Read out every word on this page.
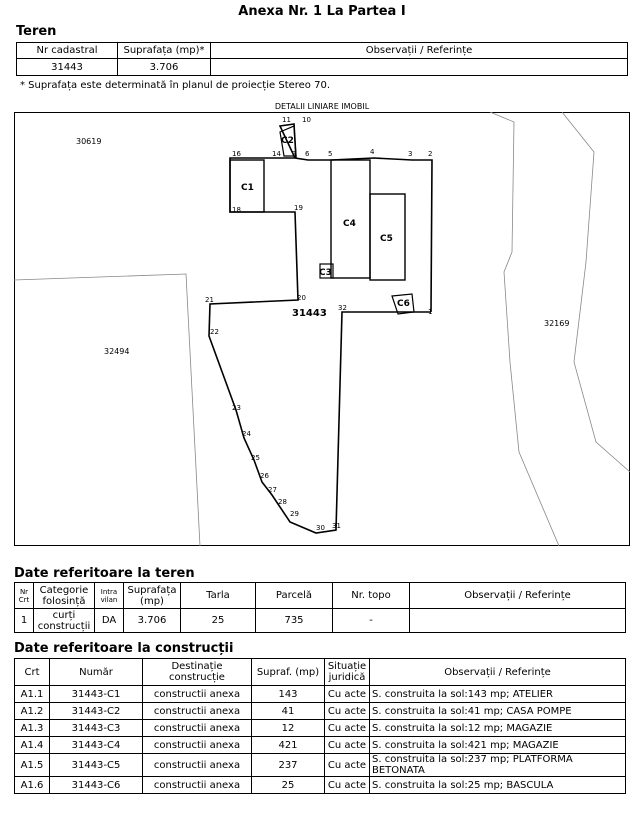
Anexa Nr. 1 La Partea I
Teren
Nr cadastral	Suprafața (mp)*	Observații / Referințe
31443	3.706	
* Suprafața este determinată în planul de proiecție Stereo 70.
DETALII LINIARE IMOBIL
30619
32494
32169
C1
C2
C3
C4
C5
C6
31443	1
2
3
4
5
6
7
10
11
14
16
18	19
20
21
22
23
24
25
26
27
28
29
30 31
32
Date referitoare la teren
Nr Crt	Categorie folosință	Intra vilan	Suprafața (mp)	Tarla	Parcelă	Nr. topo	Observații / Referințe
1	curți construcții	DA	3.706	25	735	-	
Date referitoare la construcții
Crt	Număr	Destinație construcție	Supraf. (mp)	Situație juridică	Observații / Referințe
A1.1	31443-C1	constructii anexa	143	Cu acte	S. construita la sol:143 mp; ATELIER
A1.2	31443-C2	constructii anexa	41	Cu acte	S. construita la sol:41 mp; CASA POMPE
A1.3	31443-C3	constructii anexa	12	Cu acte	S. construita la sol:12 mp; MAGAZIE
A1.4	31443-C4	constructii anexa	421	Cu acte	S. construita la sol:421 mp; MAGAZIE
A1.5	31443-C5	constructii anexa	237	Cu acte	S. construita la sol:237 mp; PLATFORMA BETONATA
A1.6	31443-C6	constructii anexa	25	Cu acte	S. construita la sol:25 mp; BASCULA
